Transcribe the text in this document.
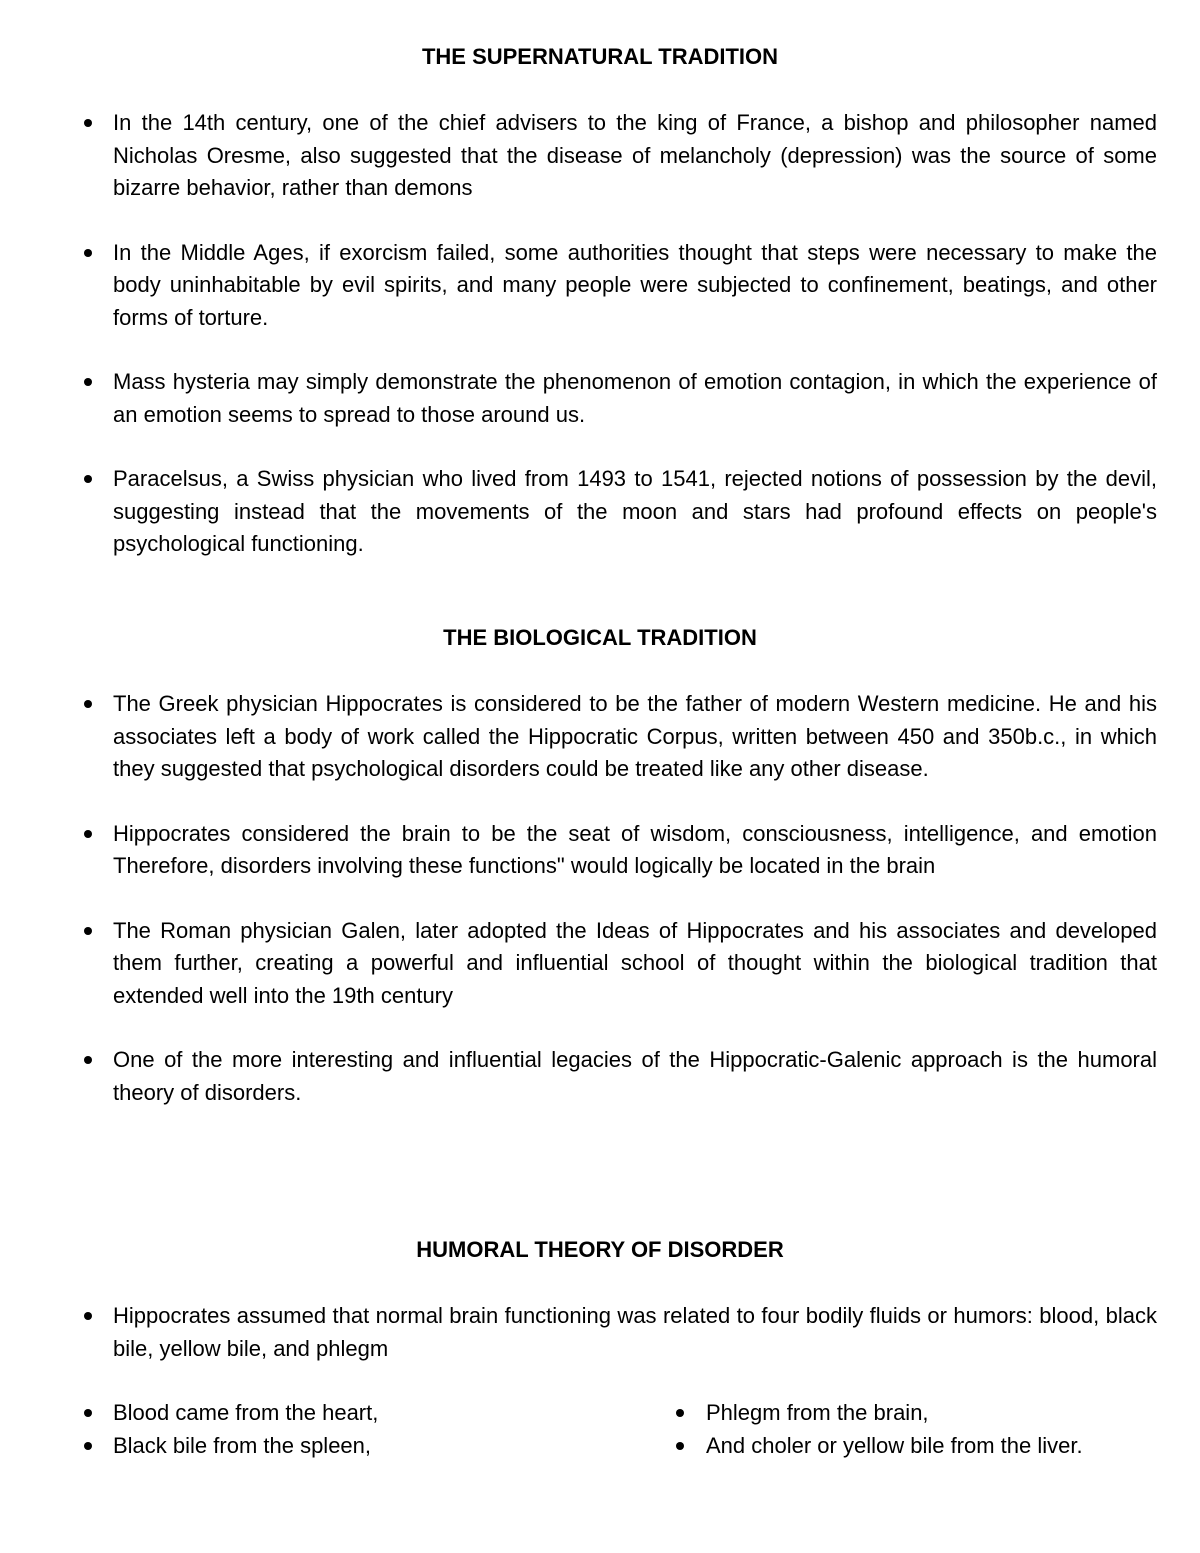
THE SUPERNATURAL TRADITION
In the 14th century, one of the chief advisers to the king of France, a bishop and philosopher named Nicholas Oresme, also suggested that the disease of melancholy (depression) was the source of some bizarre behavior, rather than demons
In the Middle Ages, if exorcism failed, some authorities thought that steps were necessary to make the body uninhabitable by evil spirits, and many people were subjected to confinement, beatings, and other forms of torture.
Mass hysteria may simply demonstrate the phenomenon of emotion contagion, in which the experience of an emotion seems to spread to those around us.
Paracelsus, a Swiss physician who lived from 1493 to 1541, rejected notions of possession by the devil, suggesting instead that the movements of the moon and stars had profound effects on people's psychological functioning.
THE BIOLOGICAL TRADITION
The Greek physician Hippocrates is considered to be the father of modern Western medicine. He and his associates left a body of work called the Hippocratic Corpus, written between 450 and 350b.c., in which they suggested that psychological disorders could be treated like any other disease.
Hippocrates considered the brain to be the seat of wisdom, consciousness, intelligence, and emotion Therefore, disorders involving these functions" would logically be located in the brain
The Roman physician Galen, later adopted the Ideas of Hippocrates and his associates and developed them further, creating a powerful and influential school of thought within the biological tradition that extended well into the 19th century
One of the more interesting and influential legacies of the Hippocratic-Galenic approach is the humoral theory of disorders.
HUMORAL THEORY OF DISORDER
Hippocrates assumed that normal brain functioning was related to four bodily fluids or humors: blood, black bile, yellow bile, and phlegm
Blood came from the heart,
Black bile from the spleen,
Phlegm from the brain,
And choler or yellow bile from the liver.
